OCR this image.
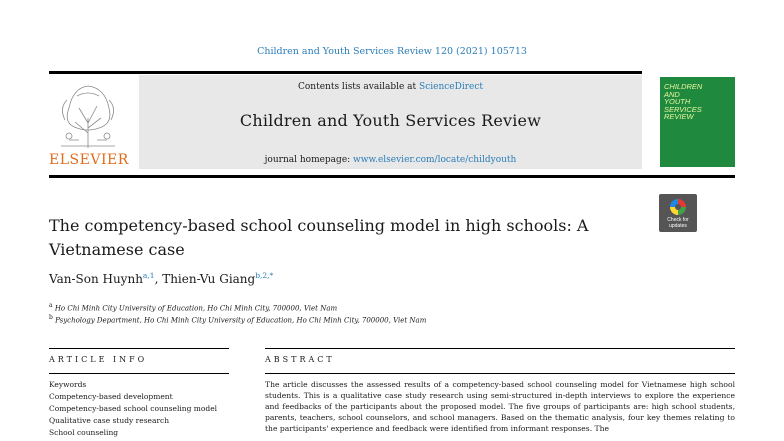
Children and Youth Services Review 120 (2021) 105713
ELSEVIER
Contents lists available at ScienceDirect
Children and Youth Services Review
journal homepage: www.elsevier.com/locate/childyouth
CHILDREN
AND
YOUTH
SERVICES
REVIEW
Check for
updates
The competency-based school counseling model in high schools: A Vietnamese case
Van-Son Huynh$^{a,1}$, Thien-Vu Giang$^{b,2,*}$
$^a$ Ho Chi Minh City University of Education, Ho Chi Minh City, 700000, Viet Nam
$^b$ Psychology Department, Ho Chi Minh City University of Education, Ho Chi Minh City, 700000, Viet Nam
ARTICLE INFO	ABSTRACT
Keywords
Competency-based development
Competency-based school counseling model
Qualitative case study research
School counseling
The article discusses the assessed results of a competency-based school counseling model for Vietnamese high school students. This is a qualitative case study research using semi-structured in-depth interviews to explore the experience and feedbacks of the participants about the proposed model. The five groups of participants are: high school students, parents, teachers, school counselors, and school managers. Based on the thematic analysis, four key themes relating to the participants' experience and feedback were identified from informant responses. The
